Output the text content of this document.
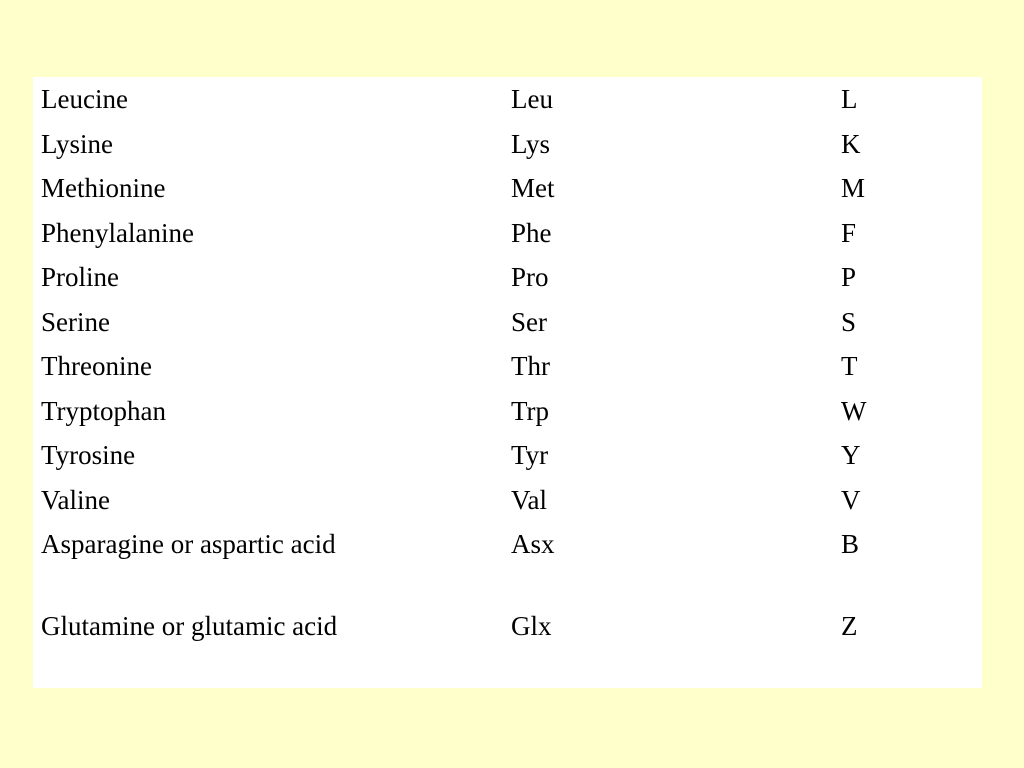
Leucine	Leu	L

Lysine	Lys	K

Methionine	Met	M

Phenylalanine	Phe	F

Proline	Pro	P

Serine	Ser	S

Threonine	Thr	T

Tryptophan	Trp	W

Tyrosine	Tyr	Y

Valine	Val	V

Asparagine or aspartic acid	Asx	B

Glutamine or glutamic acid	Glx	Z
